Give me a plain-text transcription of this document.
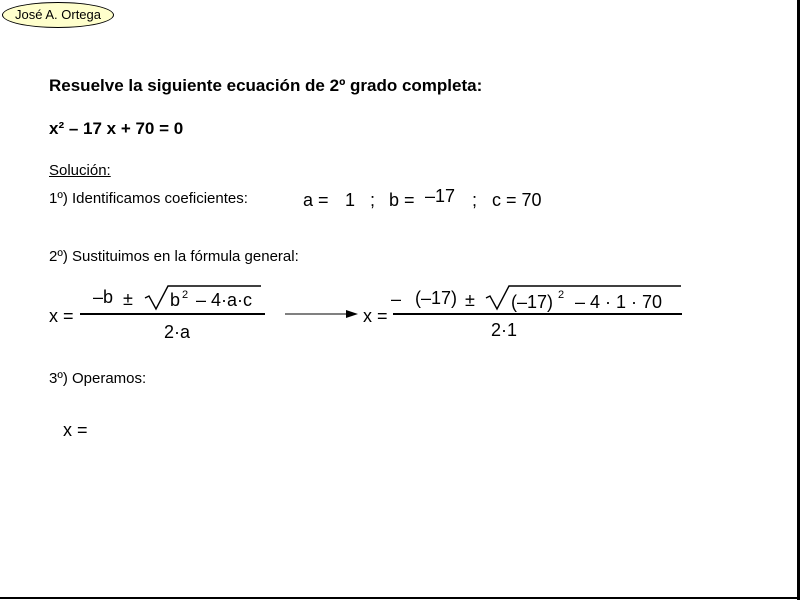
José A. Ortega
Resuelve la siguiente ecuación de 2º grado completa:
x² – 17 x + 70 = 0
Solución:
1º) Identificamos coeficientes:	a = 1 ; b = –17 ; c = 70
2º) Sustituimos en la fórmula general:
x =
–b ± b 2 – 4·a·c
2·a
x =
– (–17) ± (–17) 2 – 4 · 1 · 70
2·1
3º) Operamos:
x =
